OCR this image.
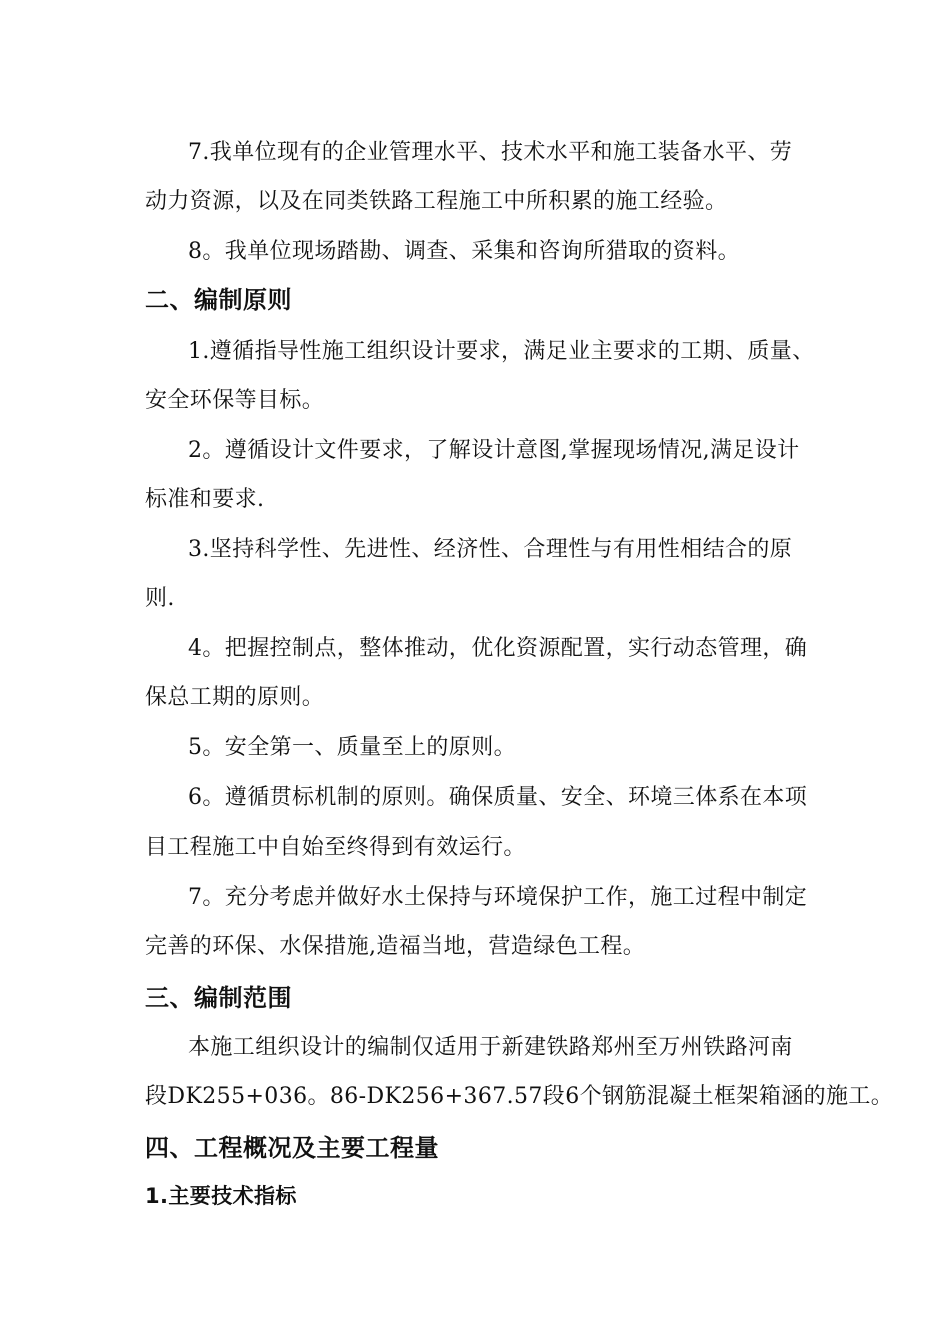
7.我单位现有的企业管理水平、技术水平和施工装备水平、劳
动力资源，以及在同类铁路工程施工中所积累的施工经验。
8。我单位现场踏勘、调查、采集和咨询所猎取的资料。
二、编制原则
1.遵循指导性施工组织设计要求，满足业主要求的工期、质量、
安全环保等目标。
2。遵循设计文件要求，了解设计意图,掌握现场情况,满足设计
标准和要求.
3.坚持科学性、先进性、经济性、合理性与有用性相结合的原
则.
4。把握控制点，整体推动，优化资源配置，实行动态管理，确
保总工期的原则。
5。安全第一、质量至上的原则。
6。遵循贯标机制的原则。确保质量、安全、环境三体系在本项
目工程施工中自始至终得到有效运行。
7。充分考虑并做好水土保持与环境保护工作，施工过程中制定
完善的环保、水保措施,造福当地，营造绿色工程。
三、编制范围
本施工组织设计的编制仅适用于新建铁路郑州至万州铁路河南
段DK255+036。86-DK256+367.57段6个钢筋混凝土框架箱涵的施工。
四、工程概况及主要工程量
1.主要技术指标
